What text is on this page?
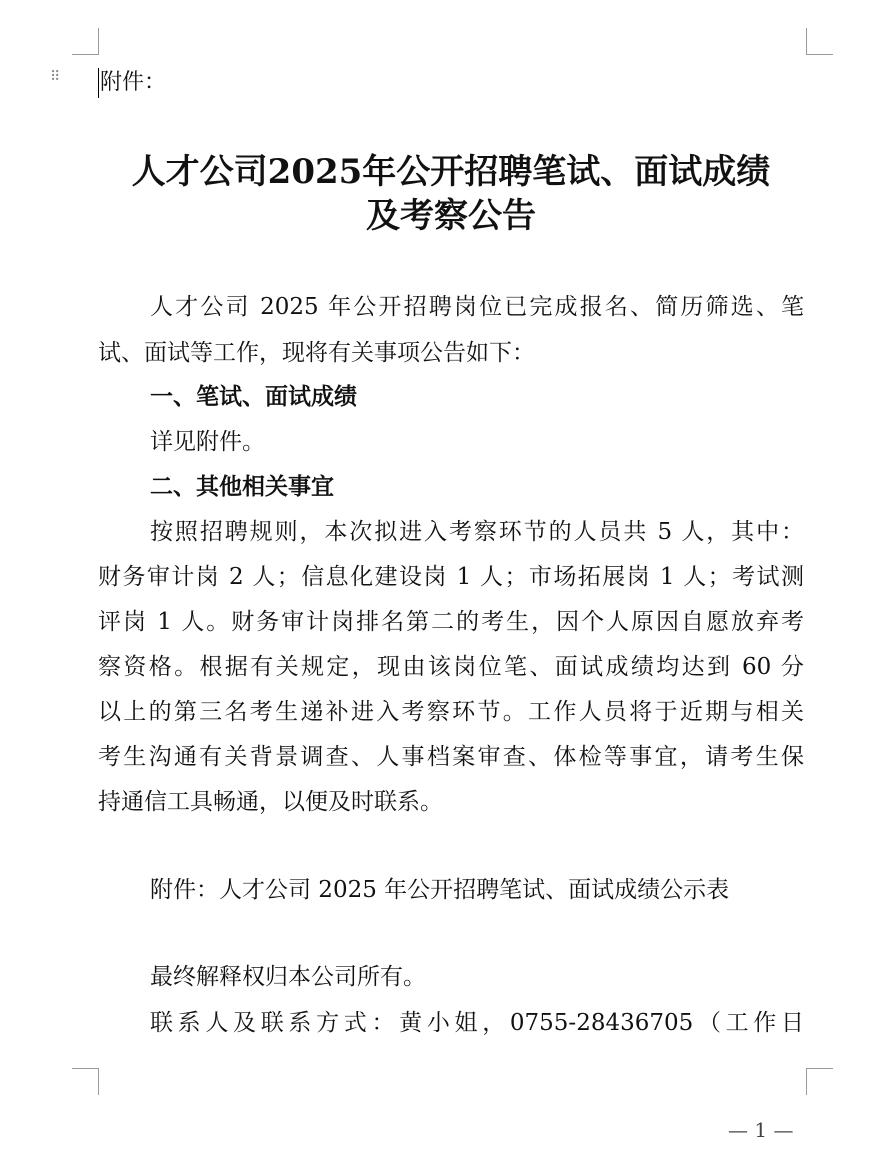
⠿ 附件：
人才公司2025年公开招聘笔试、面试成绩
及考察公告
人才公司 2025 年公开招聘岗位已完成报名、简历筛选、笔
试、面试等工作，现将有关事项公告如下：
一、笔试、面试成绩
详见附件。
二、其他相关事宜
按照招聘规则，本次拟进入考察环节的人员共 5 人，其中：
财务审计岗 2 人；信息化建设岗 1 人；市场拓展岗 1 人；考试测
评岗 1 人。财务审计岗排名第二的考生，因个人原因自愿放弃考
察资格。根据有关规定，现由该岗位笔、面试成绩均达到 60 分
以上的第三名考生递补进入考察环节。工作人员将于近期与相关
考生沟通有关背景调查、人事档案审查、体检等事宜，请考生保
持通信工具畅通，以便及时联系。
附件：人才公司 2025 年公开招聘笔试、面试成绩公示表
最终解释权归本公司所有。
联系人及联系方式：黄小姐，0755-28436705（工作日
— 1 —
